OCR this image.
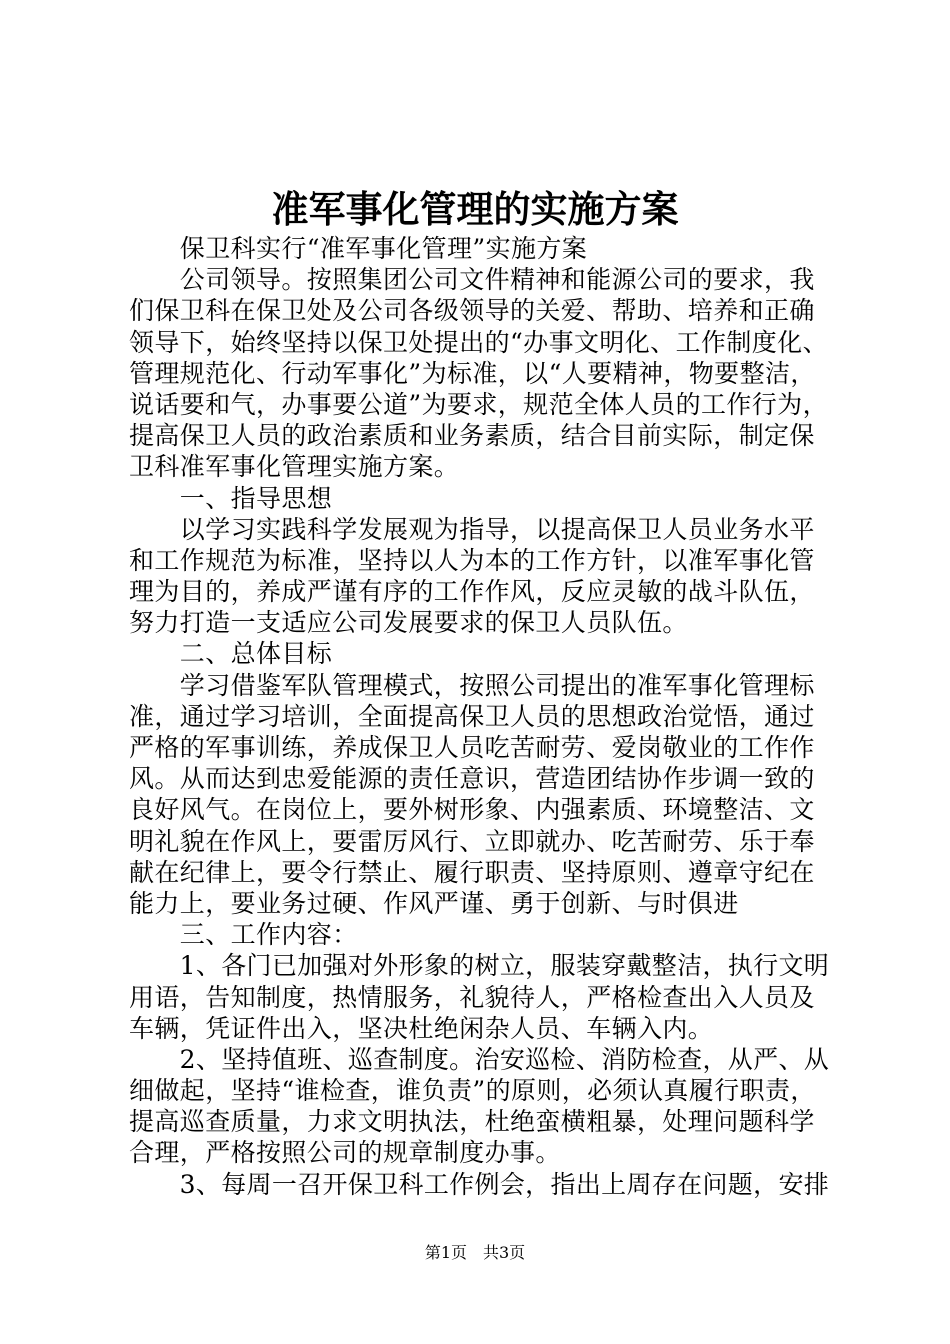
准军事化管理的实施方案
　　保卫科实行“准军事化管理”实施方案
　　公司领导。按照集团公司文件精神和能源公司的要求，我
们保卫科在保卫处及公司各级领导的关爱、帮助、培养和正确
领导下，始终坚持以保卫处提出的“办事文明化、工作制度化、
管理规范化、行动军事化”为标准，以“人要精神，物要整洁，
说话要和气，办事要公道”为要求，规范全体人员的工作行为，
提高保卫人员的政治素质和业务素质，结合目前实际，制定保
卫科准军事化管理实施方案。
　　一、指导思想
　　以学习实践科学发展观为指导，以提高保卫人员业务水平
和工作规范为标准，坚持以人为本的工作方针，以准军事化管
理为目的，养成严谨有序的工作作风，反应灵敏的战斗队伍，
努力打造一支适应公司发展要求的保卫人员队伍。
　　二、总体目标
　　学习借鉴军队管理模式，按照公司提出的准军事化管理标
准，通过学习培训，全面提高保卫人员的思想政治觉悟，通过
严格的军事训练，养成保卫人员吃苦耐劳、爱岗敬业的工作作
风。从而达到忠爱能源的责任意识，营造团结协作步调一致的
良好风气。在岗位上，要外树形象、内强素质、环境整洁、文
明礼貌在作风上，要雷厉风行、立即就办、吃苦耐劳、乐于奉
献在纪律上，要令行禁止、履行职责、坚持原则、遵章守纪在
能力上，要业务过硬、作风严谨、勇于创新、与时俱进
　　三、工作内容：
　　1、各门已加强对外形象的树立，服装穿戴整洁，执行文明
用语，告知制度，热情服务，礼貌待人，严格检查出入人员及
车辆，凭证件出入，坚决杜绝闲杂人员、车辆入内。
　　2、坚持值班、巡查制度。治安巡检、消防检查，从严、从
细做起，坚持“谁检查，谁负责”的原则，必须认真履行职责，
提高巡查质量，力求文明执法，杜绝蛮横粗暴，处理问题科学
合理，严格按照公司的规章制度办事。
　　3、每周一召开保卫科工作例会，指出上周存在问题，安排
第1页　共3页
